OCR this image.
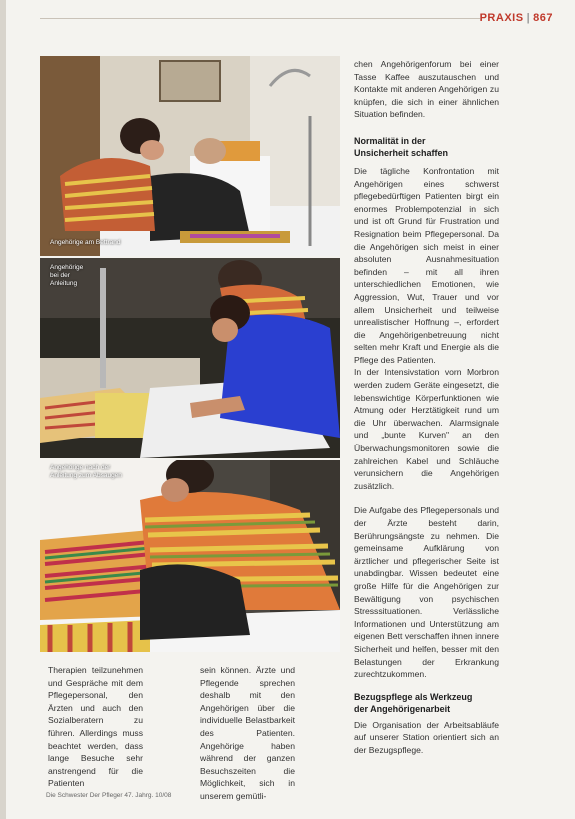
PRAXIS | 867
Angehörige am Bettrand
Angehörige
bei der
Anleitung
Angehörige nach der
Anleitung zum Absaugen

chen Angehörigenforum bei einer Tasse Kaffee auszutauschen und Kontakte mit anderen Angehörigen zu knüpfen, die sich in einer ähnlichen Situation befinden.

Normalität in der

Unsicherheit schaffen

Die tägliche Konfrontation mit Angehörigen eines schwerst pflegebedürftigen Patienten birgt ein enormes Problempotenzial in sich und ist oft Grund für Frustration und Resignation beim Pflegepersonal. Da die Angehörigen sich meist in einer absoluten Ausnahmesituation befinden – mit all ihren unterschiedlichen Emotionen, wie Aggression, Wut, Trauer und vor allem Unsicherheit und teilweise unrealistischer Hoffnung –, erfordert die Angehörigenbetreuung nicht selten mehr Kraft und Energie als die Pflege des Patienten.

In der Intensivstation vorn Morbron werden zudem Geräte eingesetzt, die lebenswichtige Körperfunktionen wie Atmung oder Herztätigkeit rund um die Uhr überwachen. Alarmsignale und „bunte Kurven" an den Überwachungsmonitoren sowie die zahlreichen Kabel und Schläuche verunsichern die Angehörigen zusätzlich.

Die Aufgabe des Pflegepersonals und der Ärzte besteht darin, Berührungsängste zu nehmen. Die gemeinsame Aufklärung von ärztlicher und pflegerischer Seite ist unabdingbar. Wissen bedeutet eine große Hilfe für die Angehörigen zur Bewältigung von psychischen Stresssituationen. Verlässliche Informationen und Unterstützung am eigenen Bett verschaffen ihnen innere Sicherheit und helfen, besser mit den Belastungen der Erkrankung zurechtzukommen.

Bezugspflege als Werkzeug

der Angehörigenarbeit

Die Organisation der Arbeitsabläufe auf unserer Station orientiert sich an der Bezugspflege.

Therapien teilzunehmen und Gespräche mit dem Pflegepersonal, den Ärzten und auch den Sozialberatern zu führen. Allerdings muss beachtet werden, dass lange Besuche sehr anstrengend für die Patienten

sein können. Ärzte und Pflegende sprechen deshalb mit den Angehörigen über die individuelle Belastbarkeit des Patienten. Angehörige haben während der ganzen Besuchszeiten die Möglichkeit, sich in unserem gemütli-

Die Schwester Der Pfleger 47. Jahrg. 10/08
